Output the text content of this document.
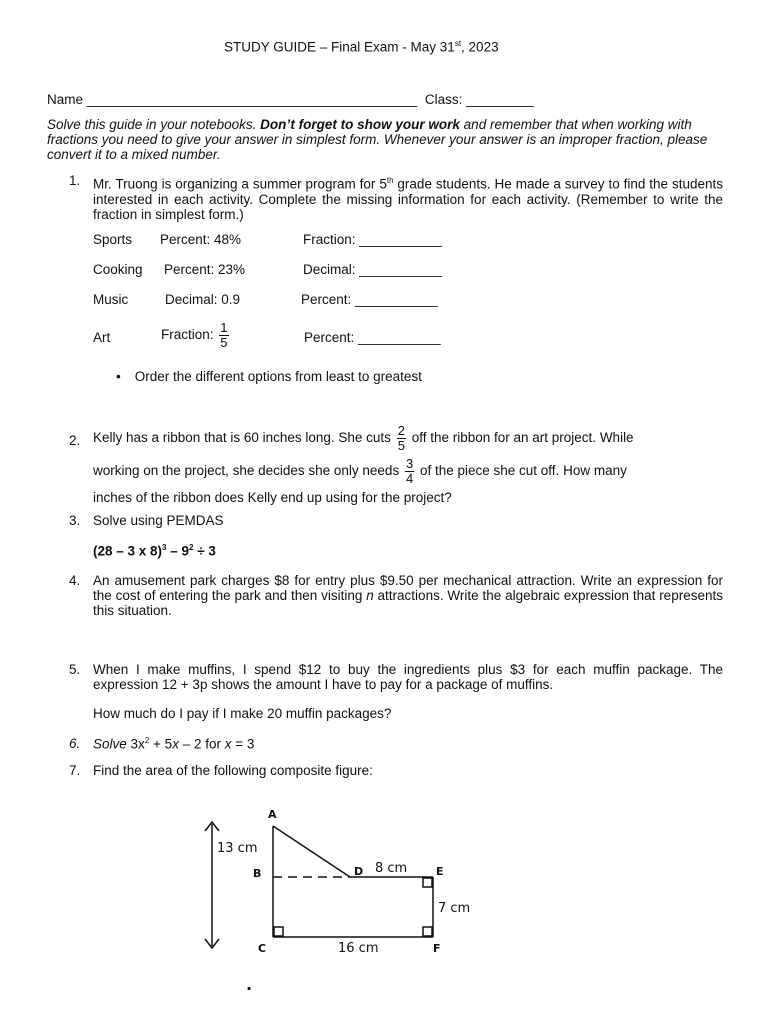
STUDY GUIDE – Final Exam - May 31st, 2023
Name ____________________________________________ Class: _________
Solve this guide in your notebooks. Don’t forget to show your work and remember that when working with fractions you need to give your answer in simplest form. Whenever your answer is an improper fraction, please convert it to a mixed number.
1. Mr. Truong is organizing a summer program for 5th grade students. He made a survey to find the students interested in each activity. Complete the missing information for each activity. (Remember to write the fraction in simplest form.)
Sports Percent: 48%	Fraction: ___________
Cooking Percent: 23%	Decimal: ___________
Music	Decimal: 0.9	Percent: ___________
Art	Fraction: $\frac{1}{5}$	Percent: ___________
• Order the different options from least to greatest
2. Kelly has a ribbon that is 60 inches long. She cuts $\frac{2}{5}$ off the ribbon for an art project. While
working on the project, she decides she only needs $\frac{3}{4}$ of the piece she cut off. How many
inches of the ribbon does Kelly end up using for the project?
3. Solve using PEMDAS
(28 – 3 x $8)^3 - 9^2 \div 3$
4. An amusement park charges $8 for entry plus $9.50 per mechanical attraction. Write an expression for the cost of entering the park and then visiting n attractions. Write the algebraic expression that represents this situation.
5. When I make muffins, I spend $12 to buy the ingredients plus $3 for each muffin package. The expression 12 + 3p shows the amount I have to pay for a package of muffins.
How much do I pay if I make 20 muffin packages?
6. Solve $3x^2 + 5x - 2$ for x = 3
7. Find the area of the following composite figure:
A
B
C
D	E
F
13 cm
8 cm
7 cm
16 cm
.
